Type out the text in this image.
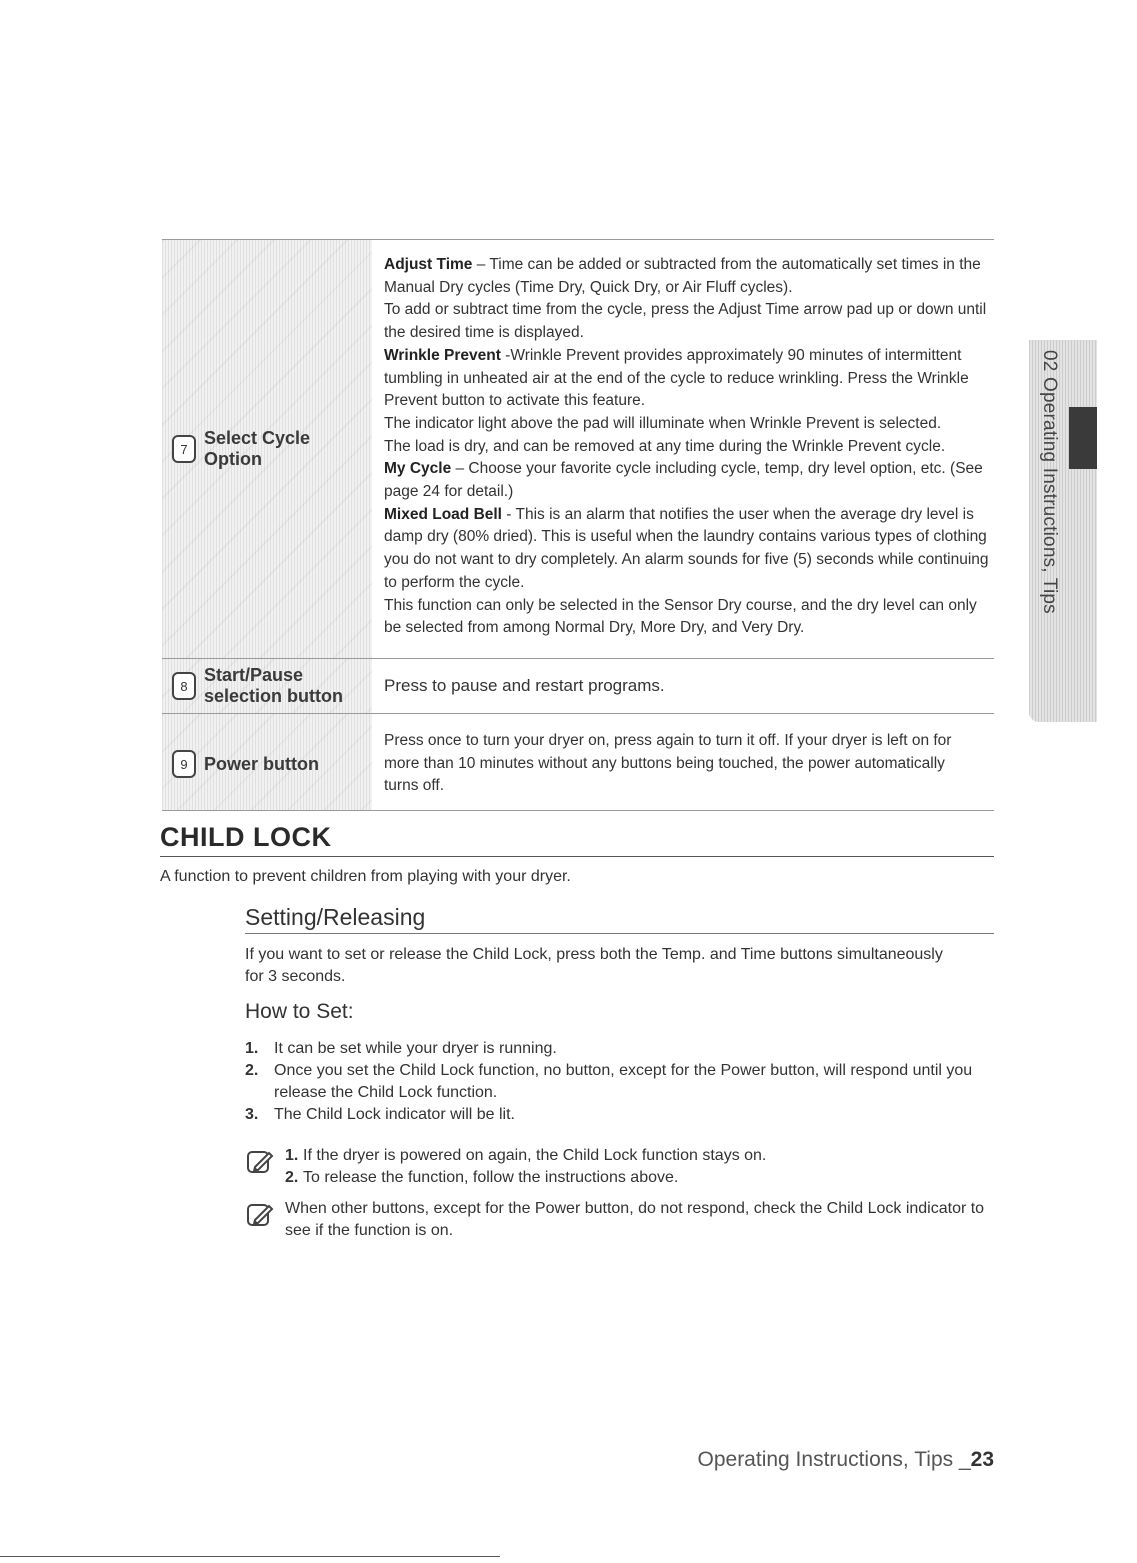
7
Select Cycle
Option

Adjust Time – Time can be added or subtracted from the automatically set times in the Manual Dry cycles (Time Dry, Quick Dry, or Air Fluff cycles).

To add or subtract time from the cycle, press the Adjust Time arrow pad up or down until the desired time is displayed.

Wrinkle Prevent -Wrinkle Prevent provides approximately 90 minutes of intermittent tumbling in unheated air at the end of the cycle to reduce wrinkling. Press the Wrinkle Prevent button to activate this feature.

The indicator light above the pad will illuminate when Wrinkle Prevent is selected.

The load is dry, and can be removed at any time during the Wrinkle Prevent cycle.

My Cycle – Choose your favorite cycle including cycle, temp, dry level option, etc. (See page 24 for detail.)

Mixed Load Bell - This is an alarm that notifies the user when the average dry level is damp dry (80% dried). This is useful when the laundry contains various types of clothing you do not want to dry completely. An alarm sounds for five (5) seconds while continuing to perform the cycle.

This function can only be selected in the Sensor Dry course, and the dry level can only be selected from among Normal Dry, More Dry, and Very Dry.

8
Start/Pause
selection button

Press to pause and restart programs.

9 Power button

Press once to turn your dryer on, press again to turn it off. If your dryer is left on for more than 10 minutes without any buttons being touched, the power automatically turns off.

02 Operating Instructions, Tips
CHILD LOCK
A function to prevent children from playing with your dryer.
Setting/Releasing

If you want to set or release the Child Lock, press both the Temp. and Time buttons simultaneously for 3 seconds.

How to Set:
1. It can be set while your dryer is running.
2. Once you set the Child Lock function, no button, except for the Power button, will respond until you release the Child Lock function.
3. The Child Lock indicator will be lit.
1. If the dryer is powered on again, the Child Lock function stays on.
2. To release the function, follow the instructions above.
When other buttons, except for the Power button, do not respond, check the Child Lock indicator to see if the function is on.
Operating Instructions, Tips _23
